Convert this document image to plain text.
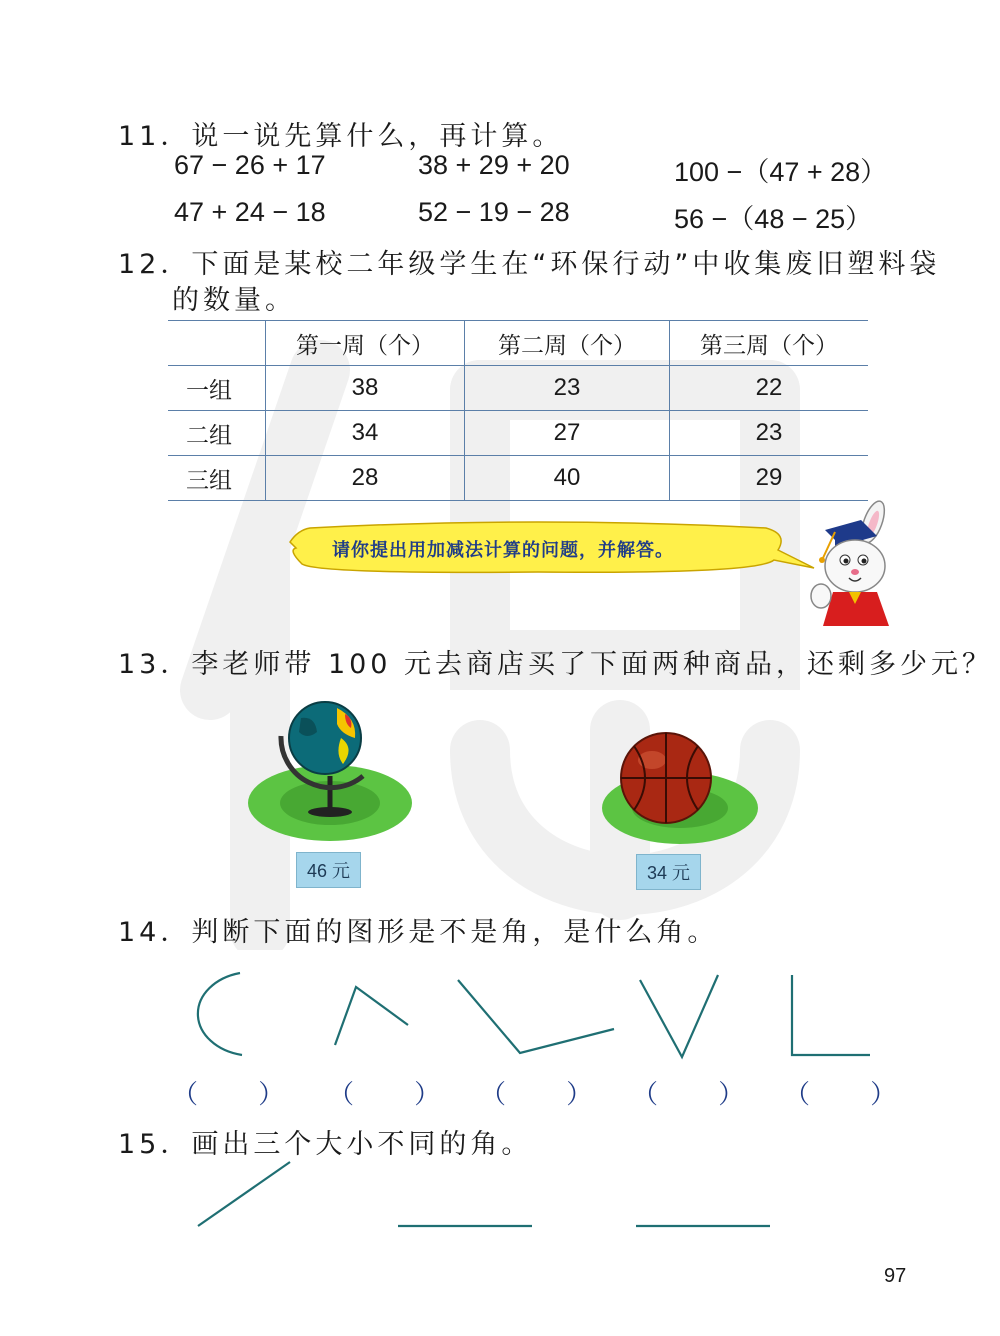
11．说一说先算什么，再计算。
67 − 26 + 17	38 + 29 + 20	100 −（47 + 28）
47 + 24 − 18	52 − 19 − 28	56 −（48 − 25）
12．下面是某校二年级学生在“环保行动”中收集废旧塑料袋
的数量。
	第一周（个）	第二周（个）	第三周（个）
一组	38	23	22
二组	34	27	23
三组	28	40	29
请你提出用加减法计算的问题，并解答。
13．李老师带 100 元去商店买了下面两种商品，还剩多少元？
46 元	34 元
14．判断下面的图形是不是角，是什么角。
（ ） （ ） （ ） （ ） （ ）
15．画出三个大小不同的角。
97
